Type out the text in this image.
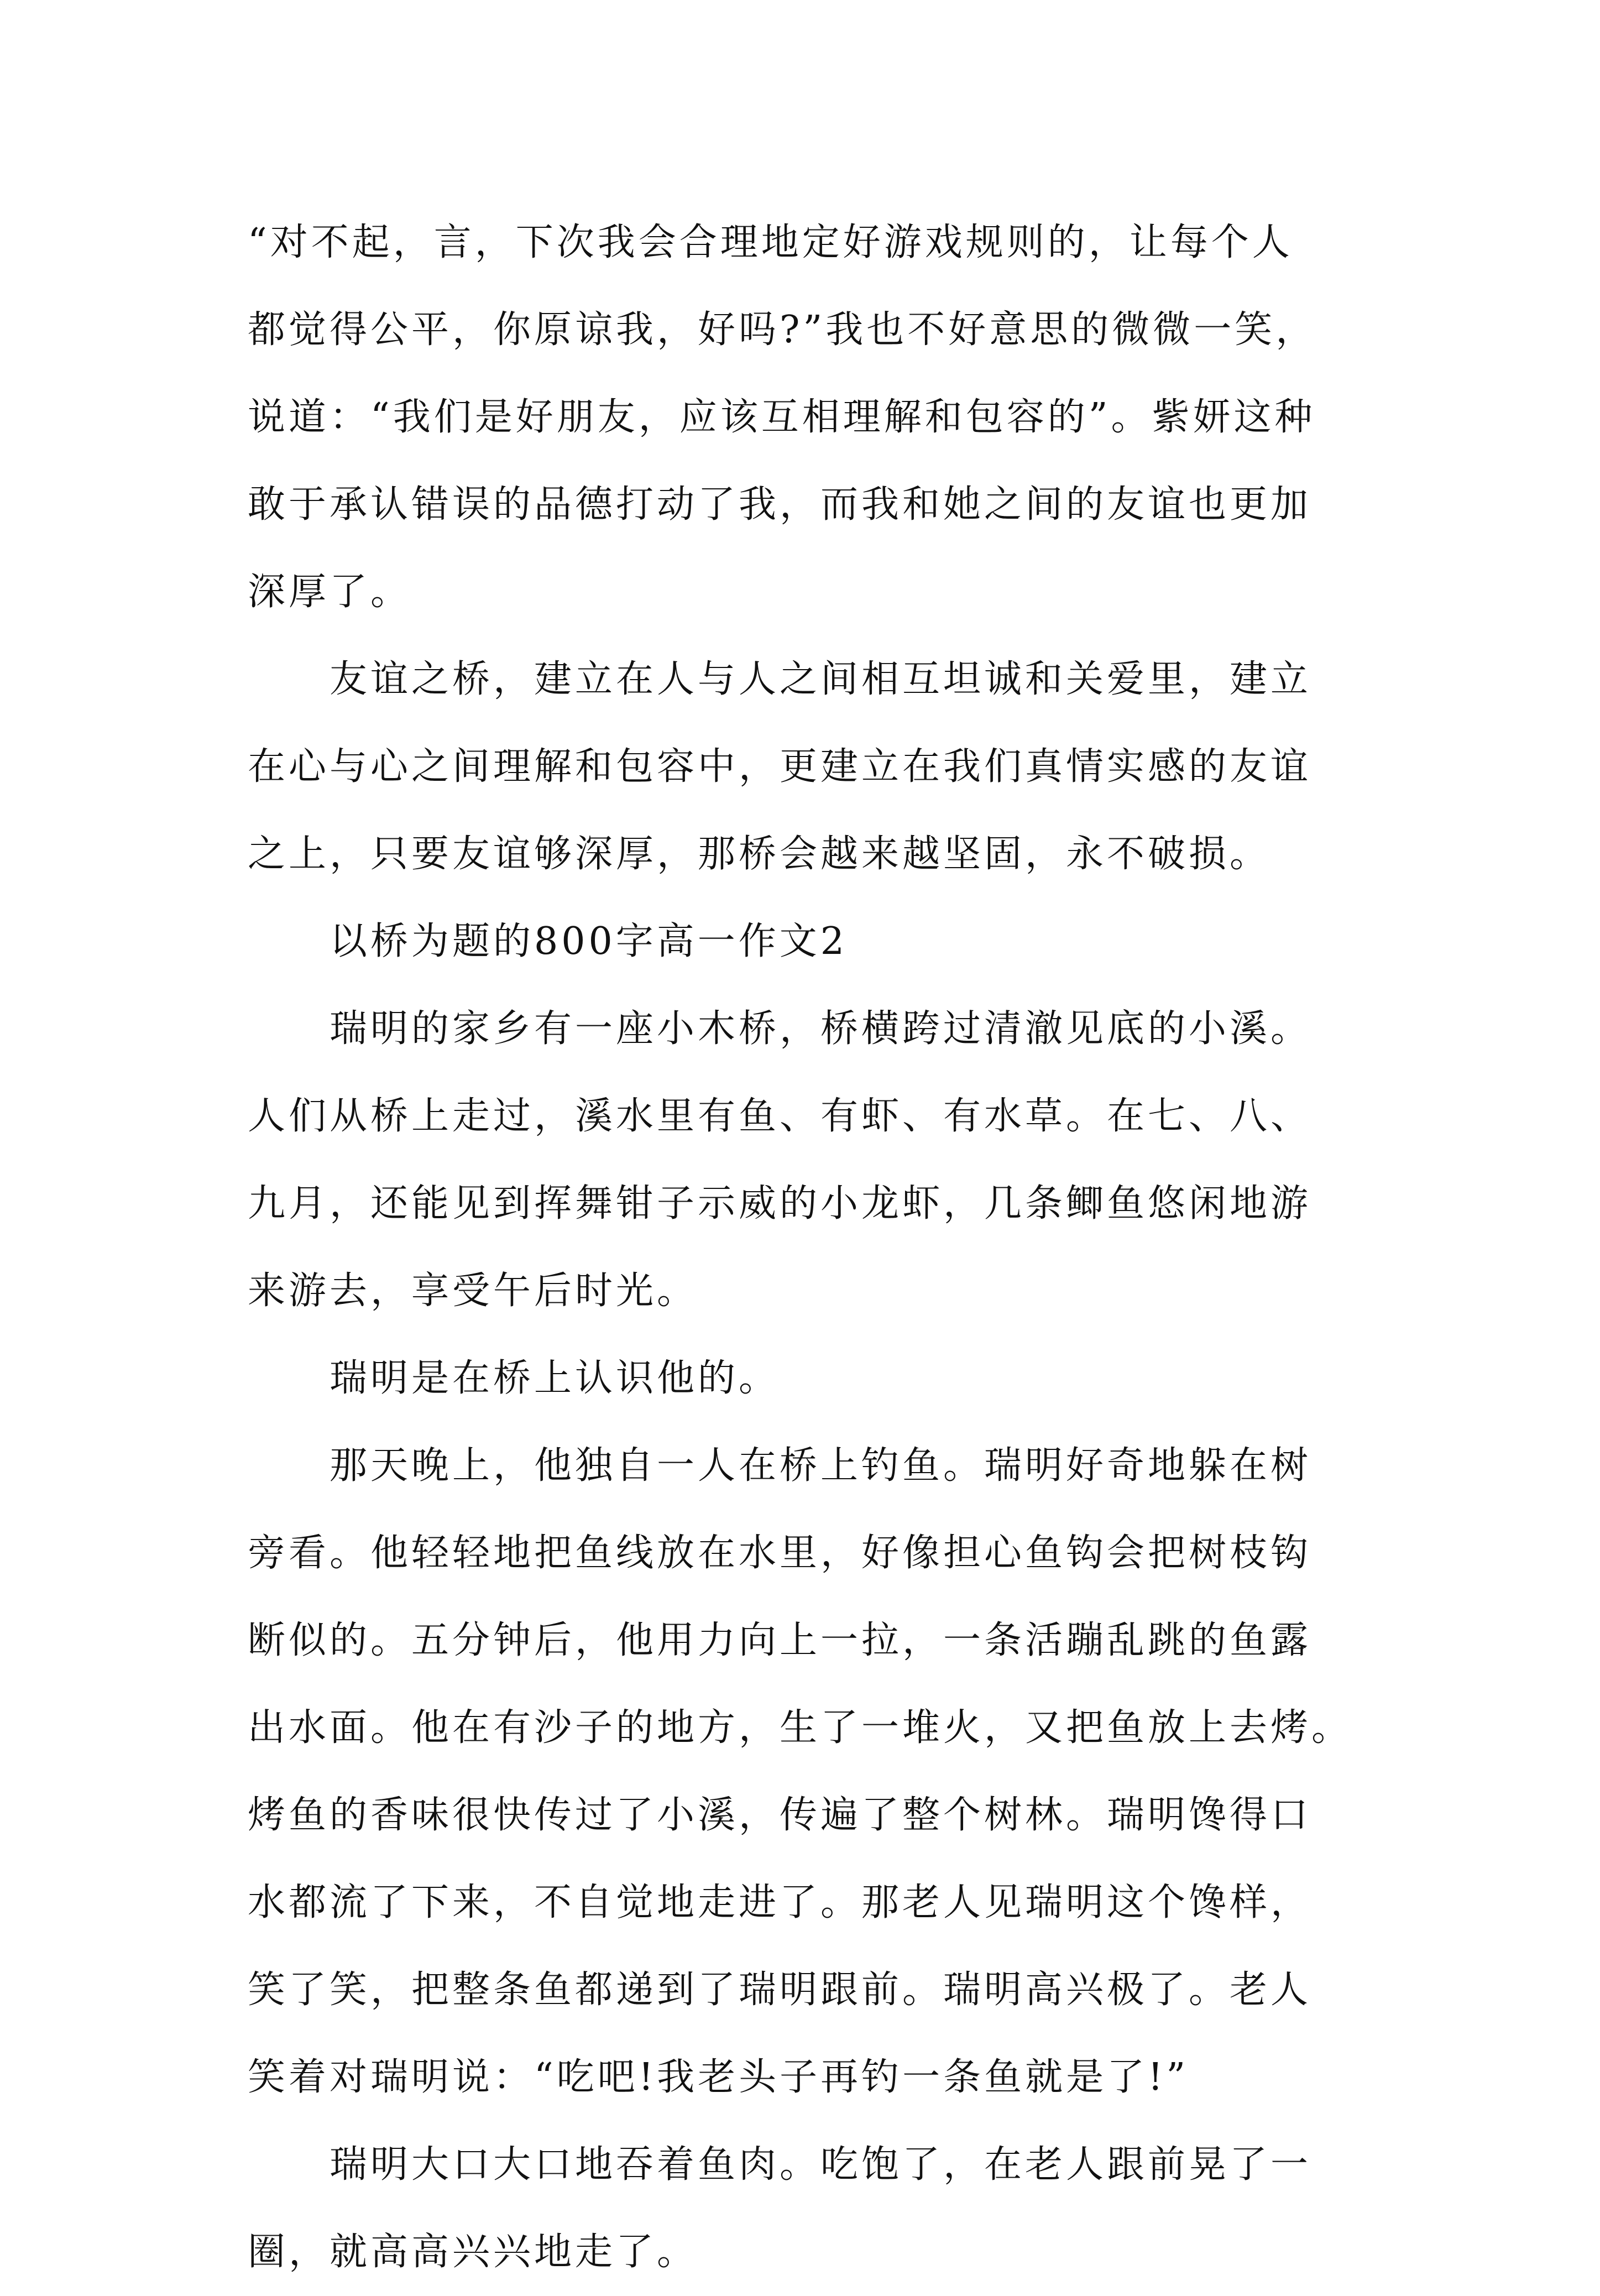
“对不起，言，下次我会合理地定好游戏规则的，让每个人
都觉得公平，你原谅我，好吗?”我也不好意思的微微一笑，
说道：“我们是好朋友，应该互相理解和包容的”。紫妍这种
敢于承认错误的品德打动了我，而我和她之间的友谊也更加
深厚了。
友谊之桥，建立在人与人之间相互坦诚和关爱里，建立
在心与心之间理解和包容中，更建立在我们真情实感的友谊
之上，只要友谊够深厚，那桥会越来越坚固，永不破损。
以桥为题的800字高一作文2
瑞明的家乡有一座小木桥，桥横跨过清澈见底的小溪。
人们从桥上走过，溪水里有鱼、有虾、有水草。在七、八、
九月，还能见到挥舞钳子示威的小龙虾，几条鲫鱼悠闲地游
来游去，享受午后时光。
瑞明是在桥上认识他的。
那天晚上，他独自一人在桥上钓鱼。瑞明好奇地躲在树
旁看。他轻轻地把鱼线放在水里，好像担心鱼钩会把树枝钩
断似的。五分钟后，他用力向上一拉，一条活蹦乱跳的鱼露
出水面。他在有沙子的地方，生了一堆火，又把鱼放上去烤。
烤鱼的香味很快传过了小溪，传遍了整个树林。瑞明馋得口
水都流了下来，不自觉地走进了。那老人见瑞明这个馋样，
笑了笑，把整条鱼都递到了瑞明跟前。瑞明高兴极了。老人
笑着对瑞明说：“吃吧!我老头子再钓一条鱼就是了!”
瑞明大口大口地吞着鱼肉。吃饱了，在老人跟前晃了一
圈，就高高兴兴地走了。
